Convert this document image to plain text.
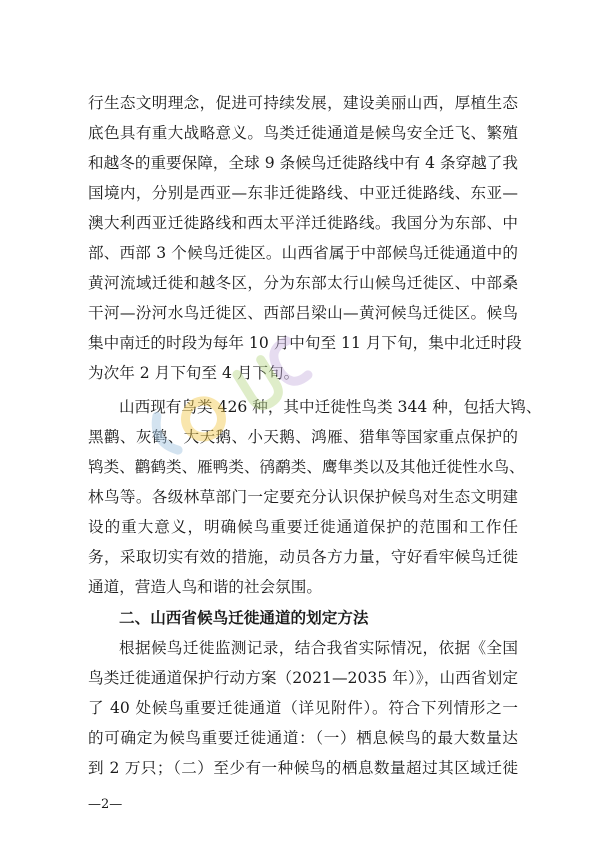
行生态文明理念，促进可持续发展，建设美丽山西，厚植生态
底色具有重大战略意义。鸟类迁徙通道是候鸟安全迁飞、繁殖
和越冬的重要保障，全球 9 条候鸟迁徙路线中有 4 条穿越了我
国境内，分别是西亚—东非迁徙路线、中亚迁徙路线、东亚—
澳大利西亚迁徙路线和西太平洋迁徙路线。我国分为东部、中
部、西部 3 个候鸟迁徙区。山西省属于中部候鸟迁徙通道中的
黄河流域迁徙和越冬区，分为东部太行山候鸟迁徙区、中部桑
干河—汾河水鸟迁徙区、西部吕梁山—黄河候鸟迁徙区。候鸟
集中南迁的时段为每年 10 月中旬至 11 月下旬，集中北迁时段
为次年 2 月下旬至 4 月下旬。
山西现有鸟类 426 种，其中迁徙性鸟类 344 种，包括大鸨、
黑鹳、灰鹤、大天鹅、小天鹅、鸿雁、猎隼等国家重点保护的
鸨类、鹳鹤类、雁鸭类、鸻鹬类、鹰隼类以及其他迁徙性水鸟、
林鸟等。各级林草部门一定要充分认识保护候鸟对生态文明建
设的重大意义，明确候鸟重要迁徙通道保护的范围和工作任
务，采取切实有效的措施，动员各方力量，守好看牢候鸟迁徙
通道，营造人鸟和谐的社会氛围。
二、山西省候鸟迁徙通道的划定方法
根据候鸟迁徙监测记录，结合我省实际情况，依据《全国
鸟类迁徙通道保护行动方案（2021—2035 年）》，山西省划定
了 40 处候鸟重要迁徙通道（详见附件）。符合下列情形之一
的可确定为候鸟重要迁徙通道：（一）栖息候鸟的最大数量达
到 2 万只；（二）至少有一种候鸟的栖息数量超过其区域迁徙
—2—
